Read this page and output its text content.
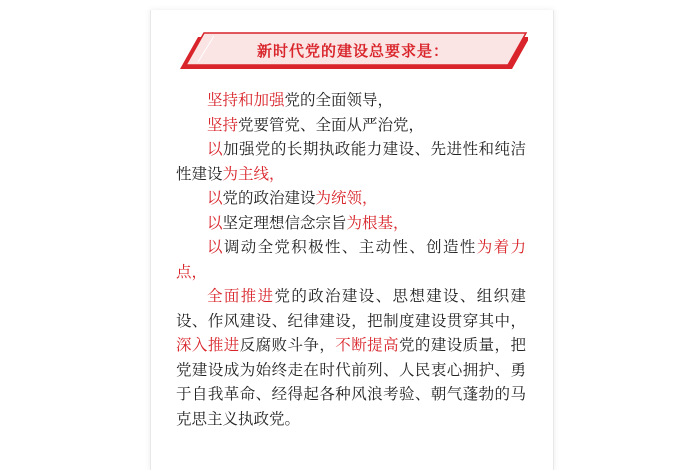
新时代党的建设总要求是：

坚持和加强党的全面领导，

坚持党要管党、全面从严治党，

以加强党的长期执政能力建设、先进性和纯洁性建设为主线，

以党的政治建设为统领，

以坚定理想信念宗旨为根基，

以调动全党积极性、主动性、创造性为着力点，

全面推进党的政治建设、思想建设、组织建设、作风建设、纪律建设，把制度建设贯穿其中，深入推进反腐败斗争，不断提高党的建设质量，把党建设成为始终走在时代前列、人民衷心拥护、勇于自我革命、经得起各种风浪考验、朝气蓬勃的马克思主义执政党。
